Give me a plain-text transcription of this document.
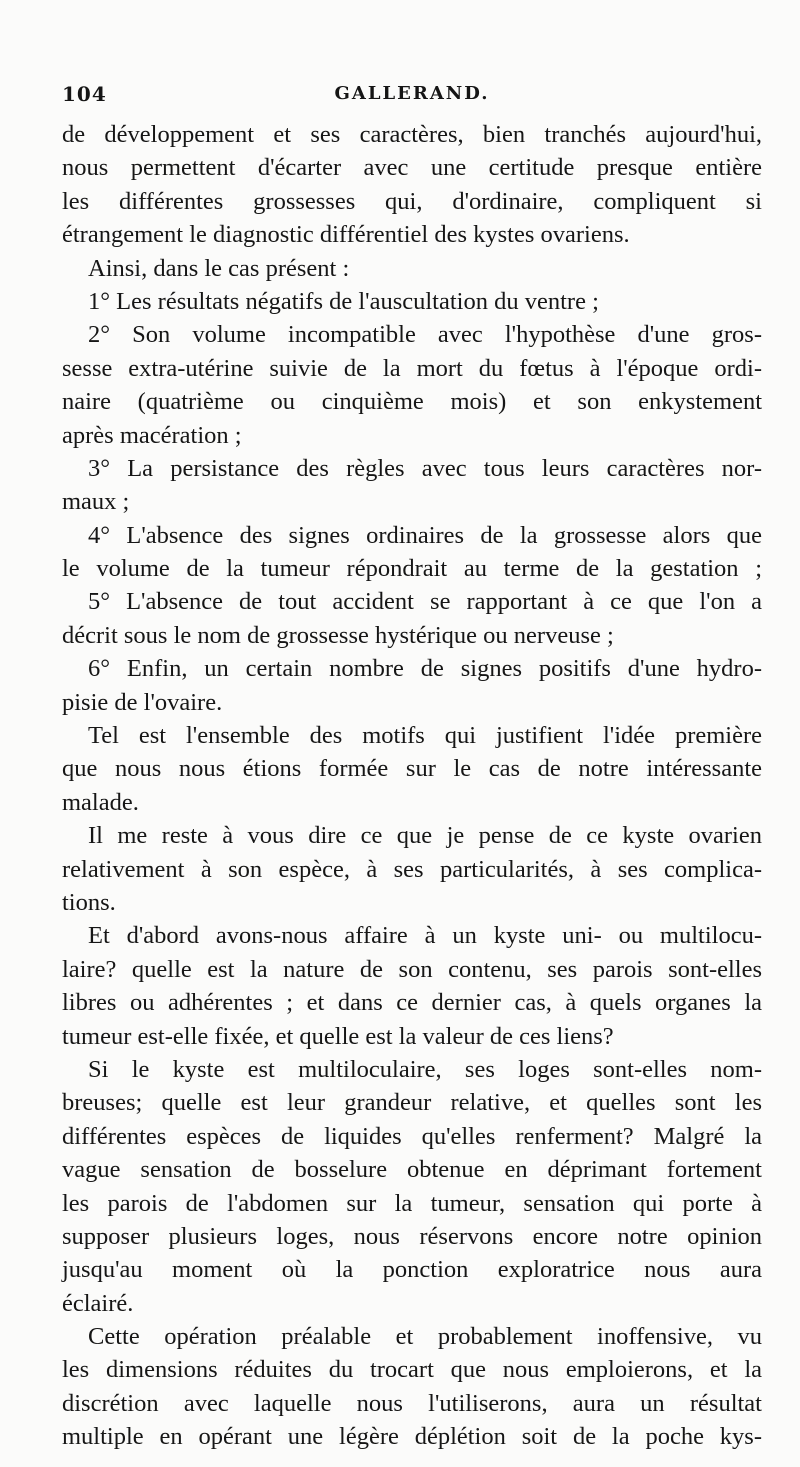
104	GALLERAND.
de développement et ses caractères, bien tranchés aujourd'hui,
nous permettent d'écarter avec une certitude presque entière
les différentes grossesses qui, d'ordinaire, compliquent si
étrangement le diagnostic différentiel des kystes ovariens.
Ainsi, dans le cas présent :
1° Les résultats négatifs de l'auscultation du ventre ;
2° Son volume incompatible avec l'hypothèse d'une gros-
sesse extra-utérine suivie de la mort du fœtus à l'époque ordi-
naire (quatrième ou cinquième mois) et son enkystement
après macération ;
3° La persistance des règles avec tous leurs caractères nor-
maux ;
4° L'absence des signes ordinaires de la grossesse alors que
le volume de la tumeur répondrait au terme de la gestation ;
5° L'absence de tout accident se rapportant à ce que l'on a
décrit sous le nom de grossesse hystérique ou nerveuse ;
6° Enfin, un certain nombre de signes positifs d'une hydro-
pisie de l'ovaire.
Tel est l'ensemble des motifs qui justifient l'idée première
que nous nous étions formée sur le cas de notre intéressante
malade.
Il me reste à vous dire ce que je pense de ce kyste ovarien
relativement à son espèce, à ses particularités, à ses complica-
tions.
Et d'abord avons-nous affaire à un kyste uni- ou multilocu-
laire? quelle est la nature de son contenu, ses parois sont-elles
libres ou adhérentes ; et dans ce dernier cas, à quels organes la
tumeur est-elle fixée, et quelle est la valeur de ces liens?
Si le kyste est multiloculaire, ses loges sont-elles nom-
breuses; quelle est leur grandeur relative, et quelles sont les
différentes espèces de liquides qu'elles renferment? Malgré la
vague sensation de bosselure obtenue en déprimant fortement
les parois de l'abdomen sur la tumeur, sensation qui porte à
supposer plusieurs loges, nous réservons encore notre opinion
jusqu'au moment où la ponction exploratrice nous aura
éclairé.
Cette opération préalable et probablement inoffensive, vu
les dimensions réduites du trocart que nous emploierons, et la
discrétion avec laquelle nous l'utiliserons, aura un résultat
multiple en opérant une légère déplétion soit de la poche kys-
